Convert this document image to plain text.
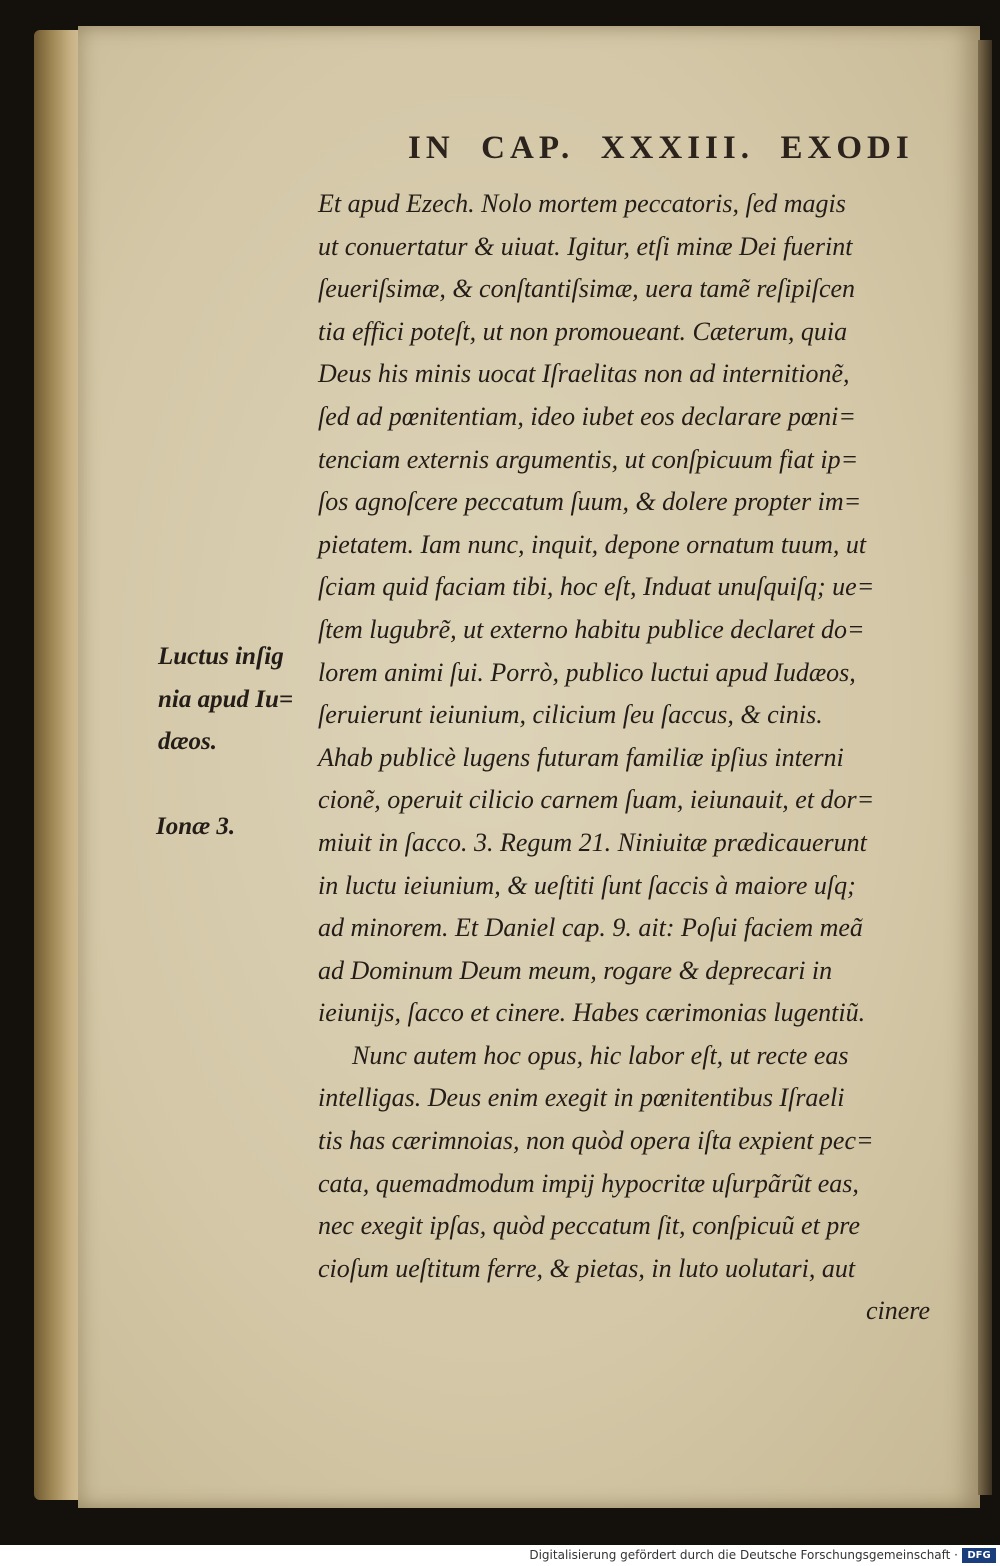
IN  CAP.  XXXIII.  EXODI
Luctus inſig
nia apud Iu=
dæos.
Ionæ 3.
Et apud Ezech. Nolo mortem peccatoris, ſed magis
ut conuertatur & uiuat. Igitur, etſi minæ Dei fuerint
ſeueriſsimæ, & conſtantiſsimæ, uera tamẽ reſipiſcen
tia effici poteſt, ut non promoueant. Cæterum, quia
Deus his minis uocat Iſraelitas non ad internitionẽ,
ſed ad pœnitentiam, ideo iubet eos declarare pœni=
tenciam externis argumentis, ut conſpicuum fiat ip=
ſos agnoſcere peccatum ſuum, & dolere propter im=
pietatem. Iam nunc, inquit, depone ornatum tuum, ut
ſciam quid faciam tibi, hoc eſt, Induat unuſquiſq; ue=
ſtem lugubrẽ, ut externo habitu publice declaret do=
lorem animi ſui. Porrò, publico luctui apud Iudæos,
ſeruierunt ieiunium, cilicium ſeu ſaccus, & cinis.
Ahab publicè lugens futuram familiæ ipſius interni
cionẽ, operuit cilicio carnem ſuam, ieiunauit, et dor=
miuit in ſacco. 3. Regum 21. Niniuitæ prædicauerunt
in luctu ieiunium, & ueſtiti ſunt ſaccis à maiore uſq;
ad minorem. Et Daniel cap. 9. ait: Poſui faciem meã
ad Dominum Deum meum, rogare & deprecari in
ieiunijs, ſacco et cinere. Habes cærimonias lugentiũ.
Nunc autem hoc opus, hic labor eſt, ut recte eas
intelligas. Deus enim exegit in pœnitentibus Iſraeli
tis has cærimnoias, non quòd opera iſta expient pec=
cata, quemadmodum impij hypocritæ uſurpãrũt eas,
nec exegit ipſas, quòd peccatum ſit, conſpicuũ et pre
cioſum ueſtitum ferre, & pietas, in luto uolutari, aut
cinere
Digitalisierung gefördert durch die Deutsche Forschungsgemeinschaft · DFG
